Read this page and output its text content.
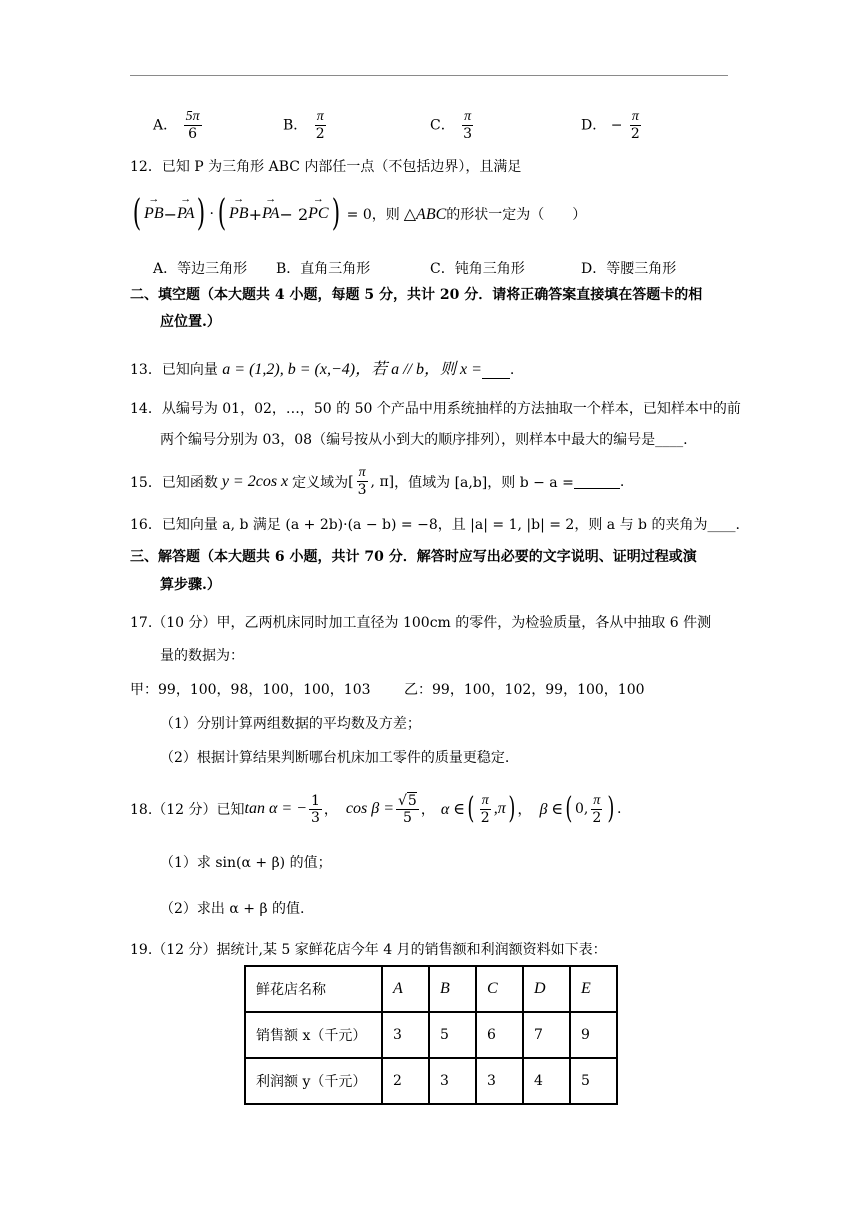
A． $\frac{5\pi}{6}$	B． $\frac{\pi}{2}$	C． $\frac{\pi}{3}$	D． − $\frac{\pi}{2}$
12．已知 P 为三角形 ABC 内部任一点（不包括边界），且满足
( → PB − → PA ) · ( → PB + → PA − 2 → PC ) = 0，则 △ABC 的形状一定为（　　）
A．等边三角形 B．直角三角形	C．钝角三角形	D．等腰三角形
二、填空题（本大题共 4 小题，每题 5 分，共计 20 分．请将正确答案直接填在答题卡的相
应位置.）
13．已知向量 a = (1,2), b = (x,−4)，若 a // b，则 x = .
14．从编号为 01，02，…，50 的 50 个产品中用系统抽样的方法抽取一个样本，已知样本中的前
两个编号分别为 03，08（编号按从小到大的顺序排列），则样本中最大的编号是____.
15．已知函数 y = 2cos x 定义域为 [ $\frac{\pi}{3}$ , π] ，值域为 [a,b]，则 b − a =	.
16．已知向量 a, b 满足 (a + 2b)·(a − b) = −8，且 |a| = 1, |b| = 2，则 a 与 b 的夹角为____.
三、解答题（本大题共 6 小题，共计 70 分．解答时应写出必要的文字说明、证明过程或演
算步骤.）
17.（10 分）甲，乙两机床同时加工直径为 100cm 的零件，为检验质量，各从中抽取 6 件测
量的数据为：
甲：99，100，98，100，100，103 乙：99，100，102，99，100，100
（1）分别计算两组数据的平均数及方差；
（2）根据计算结果判断哪台机床加工零件的质量更稳定.
18.（12 分）已知 tan α = − $\frac{1}{3}$ ， $\cos \beta = \frac{√5}{5}$ ， α ∈ ( $\frac{\pi}{2} ,\pi$ ) ， β ∈ ( 0, $\frac{\pi}{2}$ ) .
（1）求 sin(α + β) 的值；
（2）求出 α + β 的值.
19.（12 分）据统计,某 5 家鲜花店今年 4 月的销售额和利润额资料如下表：
鲜花店名称	A	B	C	D	E
销售额 x（千元）	3	5	6	7	9
利润额 y（千元）	2	3	3	4	5
